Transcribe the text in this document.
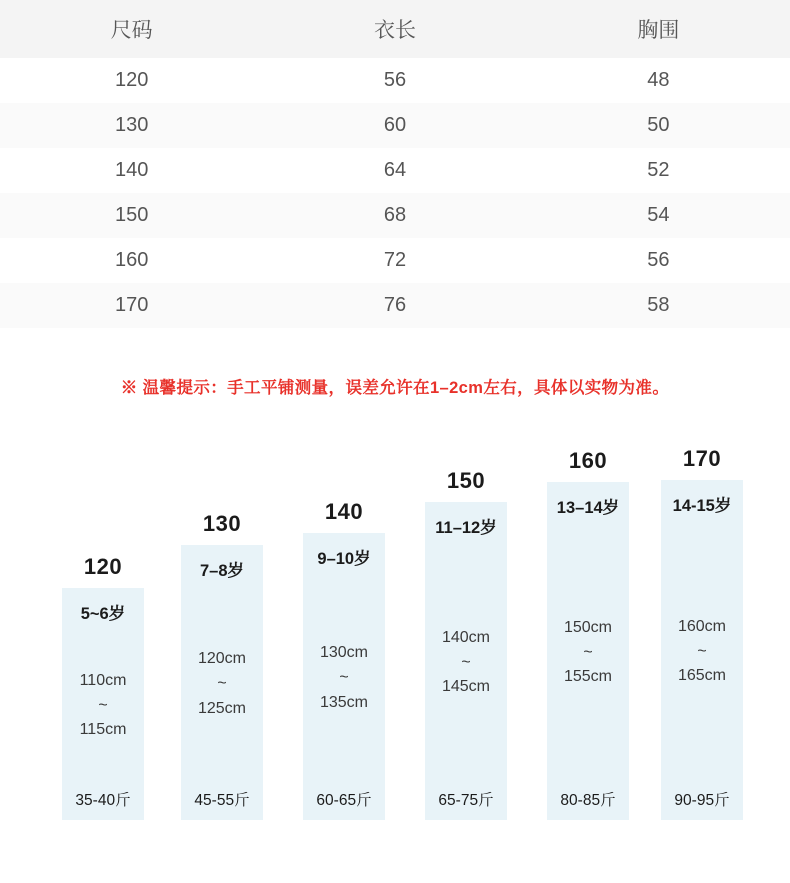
尺码	衣长	胸围
120	56	48
130	60	50
140	64	52
150	68	54
160	72	56
170	76	58
※ 温馨提示：手工平铺测量，误差允许在1–2cm左右，具体以实物为准。
120
5~6岁
110cm
~
115cm
35-40斤
130
7–8岁
120cm
~
125cm
45-55斤
140
9–10岁
130cm
~
135cm
60-65斤
150
11–12岁
140cm
~
145cm
65-75斤
160
13–14岁
150cm
~
155cm
80-85斤
170
14-15岁
160cm
~
165cm
90-95斤
